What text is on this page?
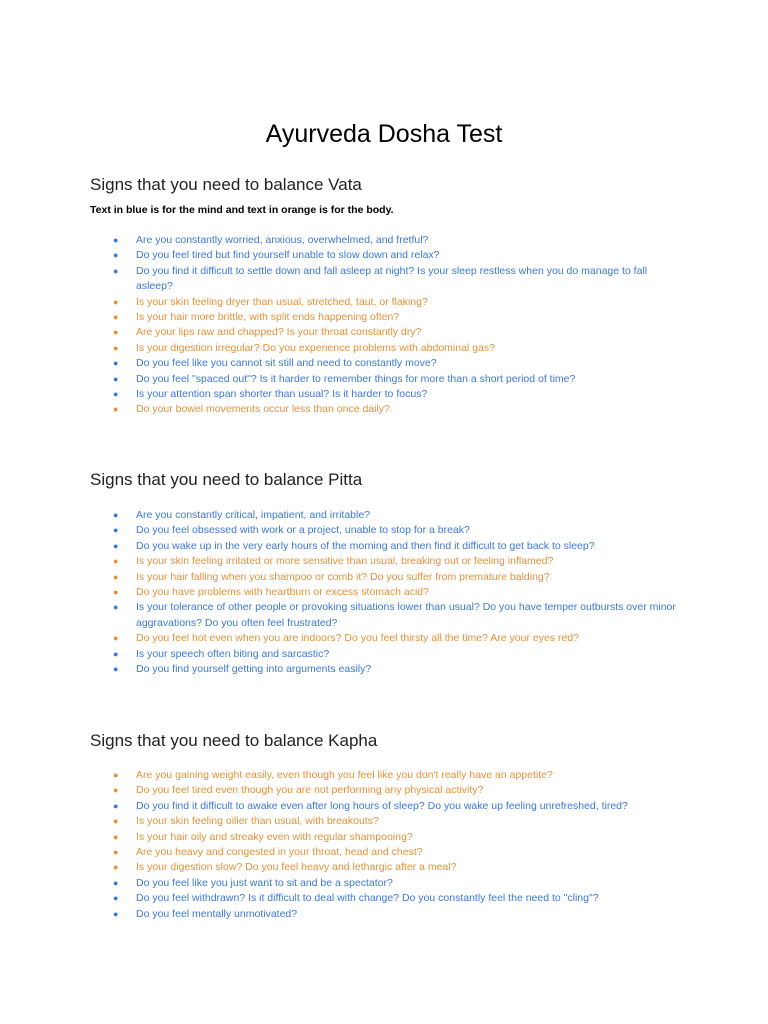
Ayurveda Dosha Test
Signs that you need to balance Vata

Text in blue is for the mind and text in orange is for the body.

● Are you constantly worried, anxious, overwhelmed, and fretful?
● Do you feel tired but find yourself unable to slow down and relax?
● Do you find it difficult to settle down and fall asleep at night? Is your sleep restless when you do manage to fall asleep?
● Is your skin feeling dryer than usual, stretched, taut, or flaking?
● Is your hair more brittle, with split ends happening often?
● Are your lips raw and chapped? Is your throat constantly dry?
● Is your digestion irregular? Do you experience problems with abdominal gas?
● Do you feel like you cannot sit still and need to constantly move?
● Do you feel "spaced out"? Is it harder to remember things for more than a short period of time?
● Is your attention span shorter than usual? Is it harder to focus?
● Do your bowel movements occur less than once daily?
Signs that you need to balance Pitta
● Are you constantly critical, impatient, and irritable?
● Do you feel obsessed with work or a project, unable to stop for a break?
● Do you wake up in the very early hours of the morning and then find it difficult to get back to sleep?
● Is your skin feeling irritated or more sensitive than usual, breaking out or feeling inflamed?
● Is your hair falling when you shampoo or comb it? Do you suffer from premature balding?
● Do you have problems with heartburn or excess stomach acid?
● Is your tolerance of other people or provoking situations lower than usual? Do you have temper outbursts over minor aggravations? Do you often feel frustrated?
● Do you feel hot even when you are indoors? Do you feel thirsty all the time? Are your eyes red?
● Is your speech often biting and sarcastic?
● Do you find yourself getting into arguments easily?
Signs that you need to balance Kapha
● Are you gaining weight easily, even though you feel like you don't really have an appetite?
● Do you feel tired even though you are not performing any physical activity?
● Do you find it difficult to awake even after long hours of sleep? Do you wake up feeling unrefreshed, tired?
● Is your skin feeling oilier than usual, with breakouts?
● Is your hair oily and streaky even with regular shampooing?
● Are you heavy and congested in your throat, head and chest?
● Is your digestion slow? Do you feel heavy and lethargic after a meal?
● Do you feel like you just want to sit and be a spectator?
● Do you feel withdrawn? Is it difficult to deal with change? Do you constantly feel the need to "cling"?
● Do you feel mentally unmotivated?
